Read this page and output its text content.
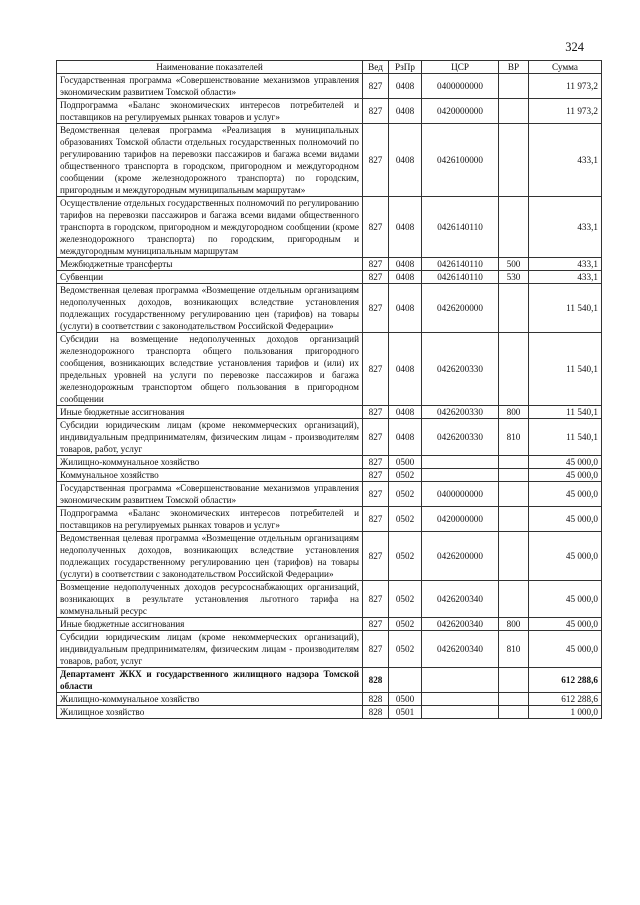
324
Наименование показателей	Вед	РзПр	ЦСР	ВР	Сумма
Государственная программа «Совершенствование механизмов управления экономическим развитием Томской области»	827	0408	0400000000		11 973,2
Подпрограмма «Баланс экономических интересов потребителей и поставщиков на регулируемых рынках товаров и услуг»	827	0408	0420000000		11 973,2
Ведомственная целевая программа «Реализация в муниципальных образованиях Томской области отдельных государственных полномочий по регулированию тарифов на перевозки пассажиров и багажа всеми видами общественного транспорта в городском, пригородном и междугородном сообщении (кроме железнодорожного транспорта) по городским, пригородным и междугородным муниципальным маршрутам»	827	0408	0426100000		433,1
Осуществление отдельных государственных полномочий по регулированию тарифов на перевозки пассажиров и багажа всеми видами общественного транспорта в городском, пригородном и междугородном сообщении (кроме железнодорожного транспорта) по городским, пригородным и междугородным муниципальным маршрутам	827	0408	0426140110		433,1
Межбюджетные трансферты	827	0408	0426140110	500	433,1
Субвенции	827	0408	0426140110	530	433,1
Ведомственная целевая программа «Возмещение отдельным организациям недополученных доходов, возникающих вследствие установления подлежащих государственному регулированию цен (тарифов) на товары (услуги) в соответствии с законодательством Российской Федерации»	827	0408	0426200000		11 540,1
Субсидии на возмещение недополученных доходов организаций железнодорожного транспорта общего пользования пригородного сообщения, возникающих вследствие установления тарифов и (или) их предельных уровней на услуги по перевозке пассажиров и багажа железнодорожным транспортом общего пользования в пригородном сообщении	827	0408	0426200330		11 540,1
Иные бюджетные ассигнования	827	0408	0426200330	800	11 540,1
Субсидии юридическим лицам (кроме некоммерческих организаций), индивидуальным предпринимателям, физическим лицам - производителям товаров, работ, услуг	827	0408	0426200330	810	11 540,1
Жилищно-коммунальное хозяйство	827	0500			45 000,0
Коммунальное хозяйство	827	0502			45 000,0
Государственная программа «Совершенствование механизмов управления экономическим развитием Томской области»	827	0502	0400000000		45 000,0
Подпрограмма «Баланс экономических интересов потребителей и поставщиков на регулируемых рынках товаров и услуг»	827	0502	0420000000		45 000,0
Ведомственная целевая программа «Возмещение отдельным организациям недополученных доходов, возникающих вследствие установления подлежащих государственному регулированию цен (тарифов) на товары (услуги) в соответствии с законодательством Российской Федерации»	827	0502	0426200000		45 000,0
Возмещение недополученных доходов ресурсоснабжающих организаций, возникающих в результате установления льготного тарифа на коммунальный ресурс	827	0502	0426200340		45 000,0
Иные бюджетные ассигнования	827	0502	0426200340	800	45 000,0
Субсидии юридическим лицам (кроме некоммерческих организаций), индивидуальным предпринимателям, физическим лицам - производителям товаров, работ, услуг	827	0502	0426200340	810	45 000,0
Департамент ЖКХ и государственного жилищного надзора Томской области	828				612 288,6
Жилищно-коммунальное хозяйство	828	0500			612 288,6
Жилищное хозяйство	828	0501			1 000,0
